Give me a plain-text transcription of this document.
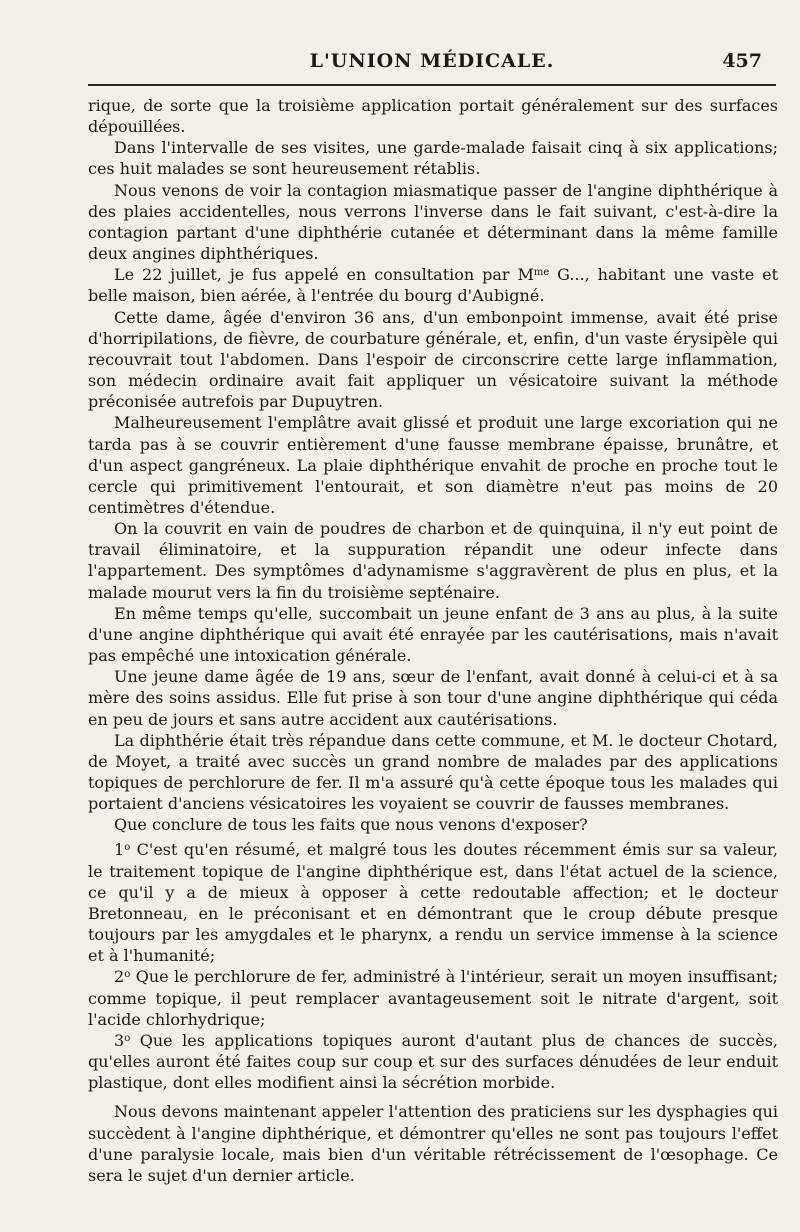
L'UNION MÉDICALE.	457

rique, de sorte que la troisième application portait généralement sur des surfaces dépouillées.

Dans l'intervalle de ses visites, une garde-malade faisait cinq à six applications; ces huit malades se sont heureusement rétablis.

Nous venons de voir la contagion miasmatique passer de l'angine diphthérique à des plaies accidentelles, nous verrons l'inverse dans le fait suivant, c'est-à-dire la contagion partant d'une diphthérie cutanée et déterminant dans la même famille deux angines diphthériques.

Le 22 juillet, je fus appelé en consultation par $M^{me}$ G..., habitant une vaste et belle maison, bien aérée, à l'entrée du bourg d'Aubigné.

Cette dame, âgée d'environ 36 ans, d'un embonpoint immense, avait été prise d'horripilations, de fièvre, de courbature générale, et, enfin, d'un vaste érysipèle qui recouvrait tout l'abdomen. Dans l'espoir de circonscrire cette large inflammation, son médecin ordinaire avait fait appliquer un vésicatoire suivant la méthode préconisée autrefois par Dupuytren.

Malheureusement l'emplâtre avait glissé et produit une large excoriation qui ne tarda pas à se couvrir entièrement d'une fausse membrane épaisse, brunâtre, et d'un aspect gangréneux. La plaie diphthérique envahit de proche en proche tout le cercle qui primitivement l'entourait, et son diamètre n'eut pas moins de 20 centimètres d'étendue.

On la couvrit en vain de poudres de charbon et de quinquina, il n'y eut point de travail éliminatoire, et la suppuration répandit une odeur infecte dans l'appartement. Des symptômes d'adynamisme s'aggravèrent de plus en plus, et la malade mourut vers la fin du troisième septénaire.

En même temps qu'elle, succombait un jeune enfant de 3 ans au plus, à la suite d'une angine diphthérique qui avait été enrayée par les cautérisations, mais n'avait pas empêché une intoxication générale.

Une jeune dame âgée de 19 ans, sœur de l'enfant, avait donné à celui-ci et à sa mère des soins assidus. Elle fut prise à son tour d'une angine diphthérique qui céda en peu de jours et sans autre accident aux cautérisations.

La diphthérie était très répandue dans cette commune, et M. le docteur Chotard, de Moyet, a traité avec succès un grand nombre de malades par des applications topiques de perchlorure de fer. Il m'a assuré qu'à cette époque tous les malades qui portaient d'anciens vésicatoires les voyaient se couvrir de fausses membranes.

Que conclure de tous les faits que nous venons d'exposer?

1$^o$ C'est qu'en résumé, et malgré tous les doutes récemment émis sur sa valeur, le traitement topique de l'angine diphthérique est, dans l'état actuel de la science, ce qu'il y a de mieux à opposer à cette redoutable affection; et le docteur Bretonneau, en le préconisant et en démontrant que le croup débute presque toujours par les amygdales et le pharynx, a rendu un service immense à la science et à l'humanité;

2$^o$ Que le perchlorure de fer, administré à l'intérieur, serait un moyen insuffisant; comme topique, il peut remplacer avantageusement soit le nitrate d'argent, soit l'acide chlorhydrique;

3$^o$ Que les applications topiques auront d'autant plus de chances de succès, qu'elles auront été faites coup sur coup et sur des surfaces dénudées de leur enduit plastique, dont elles modifient ainsi la sécrétion morbide.

Nous devons maintenant appeler l'attention des praticiens sur les dysphagies qui succèdent à l'angine diphthérique, et démontrer qu'elles ne sont pas toujours l'effet d'une paralysie locale, mais bien d'un véritable rétrécissement de l'œsophage. Ce sera le sujet d'un dernier article.
